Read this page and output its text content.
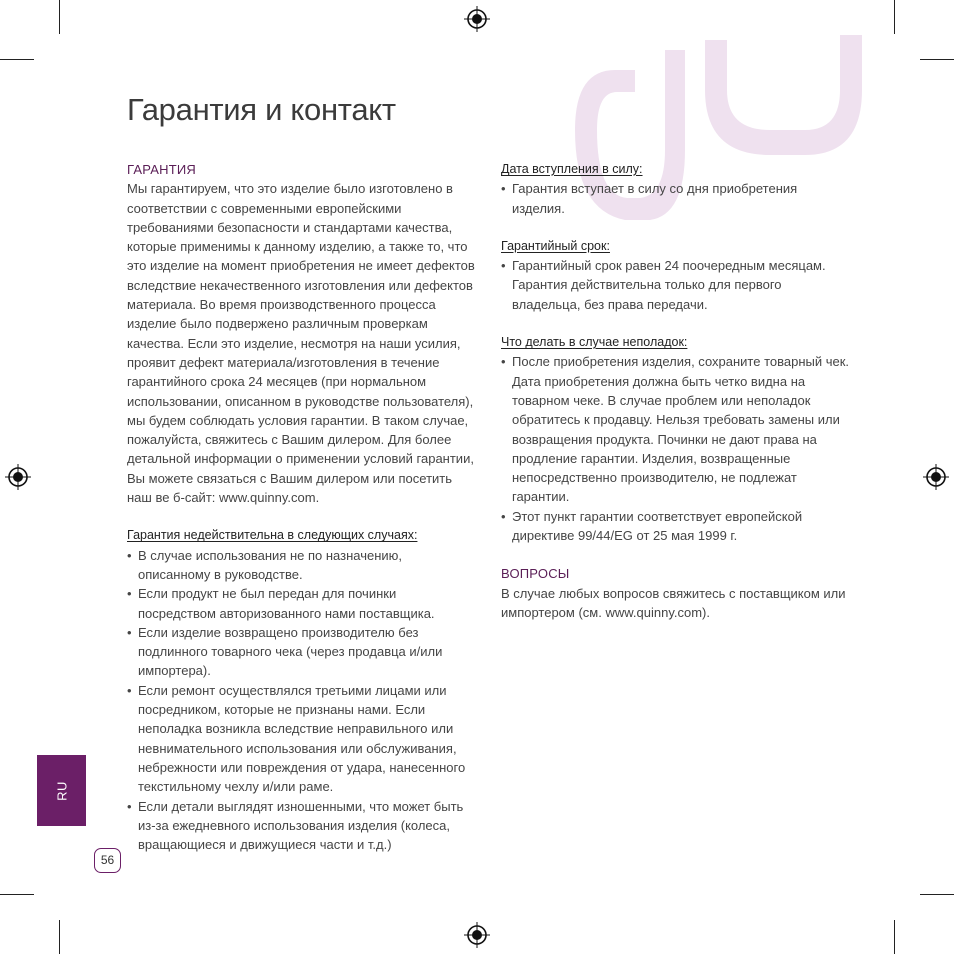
Гарантия и контакт

ГАРАНТИЯ

Мы гарантируем, что это изделие было изготовлено в соответствии с современными европейскими требованиями безопасности и стандартами качества, которые применимы к данному изделию, а также то, что это изделие на момент приобретения не имеет дефектов вследствие некачественного изготовления или дефектов материала. Во время производственного процесса изделие было подвержено различным проверкам качества. Если это изделие, несмотря на наши усилия, проявит дефект материала/изготовления в течение гарантийного срока 24 месяцев (при нормальном использовании, описанном в руководстве пользователя), мы будем соблюдать условия гарантии. В таком случае, пожалуйста, свяжитесь с Вашим дилером. Для более детальной информации о применении условий гарантии, Вы можете связаться с Вашим дилером или посетить наш ве б-сайт: www.quinny.com.

Гарантия недействительна в следующих случаях:

• В случае использования не по назначению, описанному в руководстве.
• Если продукт не был передан для починки посредством авторизованного нами поставщика.
• Если изделие возвращено производителю без подлинного товарного чека (через продавца и/или импортера).
• Если ремонт осуществлялся третьими лицами или посредником, которые не признаны нами. Если неполадка возникла вследствие неправильного или невнимательного использования или обслуживания, небрежности или повреждения от удара, нанесенного текстильному чехлу и/или раме.
• Если детали выглядят изношенными, что может быть из-за ежедневного использования изделия (колеса, вращающиеся и движущиеся части и т.д.)

Дата вступления в силу:

• Гарантия вступает в силу со дня приобретения изделия.

Гарантийный срок:

• Гарантийный срок равен 24 поочередным месяцам. Гарантия действительна только для первого владельца, без права передачи.

Что делать в случае неполадок:

• После приобретения изделия, сохраните товарный чек. Дата приобретения должна быть четко видна на товарном чеке. В случае проблем или неполадок обратитесь к продавцу. Нельзя требовать замены или возвращения продукта. Починки не дают права на продление гарантии. Изделия, возвращенные непосредственно производителю, не подлежат гарантии.
• Этот пункт гарантии соответствует европейской директиве 99/44/EG от 25 мая 1999 г.

ВОПРОСЫ

В случае любых вопросов свяжитесь с поставщиком или импортером (см. www.quinny.com).

RU
56
